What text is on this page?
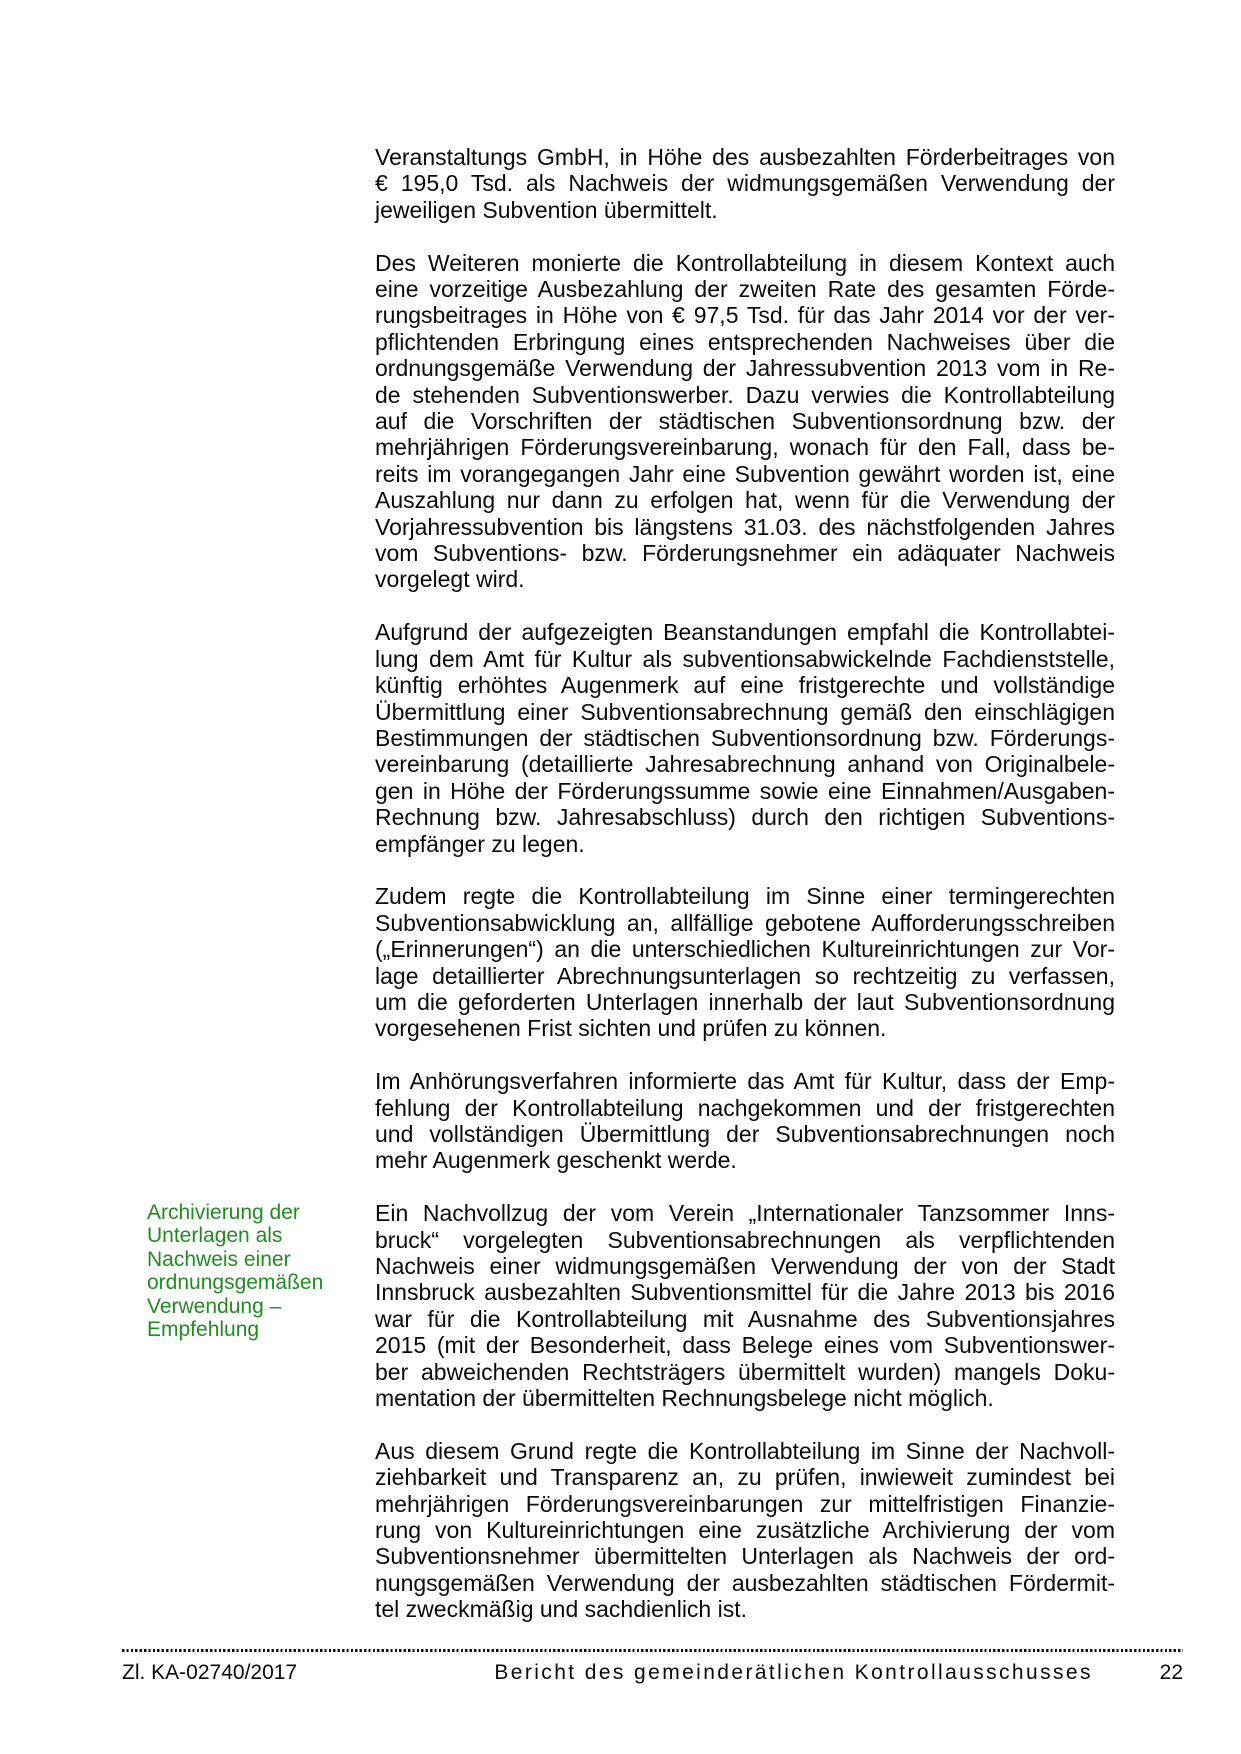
Archivierung der
Unterlagen als
Nachweis einer
ordnungsgemäßen
Verwendung –
Empfehlung
Veranstaltungs GmbH, in Höhe des ausbezahlten Förderbeitrages von
€ 195,0 Tsd. als Nachweis der widmungsgemäßen Verwendung der
jeweiligen Subvention übermittelt.
Des Weiteren monierte die Kontrollabteilung in diesem Kontext auch
eine vorzeitige Ausbezahlung der zweiten Rate des gesamten Förde-
rungsbeitrages in Höhe von € 97,5 Tsd. für das Jahr 2014 vor der ver-
pflichtenden Erbringung eines entsprechenden Nachweises über die
ordnungsgemäße Verwendung der Jahressubvention 2013 vom in Re-
de stehenden Subventionswerber. Dazu verwies die Kontrollabteilung
auf die Vorschriften der städtischen Subventionsordnung bzw. der
mehrjährigen Förderungsvereinbarung, wonach für den Fall, dass be-
reits im vorangegangen Jahr eine Subvention gewährt worden ist, eine
Auszahlung nur dann zu erfolgen hat, wenn für die Verwendung der
Vorjahressubvention bis längstens 31.03. des nächstfolgenden Jahres
vom Subventions- bzw. Förderungsnehmer ein adäquater Nachweis
vorgelegt wird.
Aufgrund der aufgezeigten Beanstandungen empfahl die Kontrollabtei-
lung dem Amt für Kultur als subventionsabwickelnde Fachdienststelle,
künftig erhöhtes Augenmerk auf eine fristgerechte und vollständige
Übermittlung einer Subventionsabrechnung gemäß den einschlägigen
Bestimmungen der städtischen Subventionsordnung bzw. Förderungs-
vereinbarung (detaillierte Jahresabrechnung anhand von Originalbele-
gen in Höhe der Förderungssumme sowie eine Einnahmen/Ausgaben-
Rechnung bzw. Jahresabschluss) durch den richtigen Subventions-
empfänger zu legen.
Zudem regte die Kontrollabteilung im Sinne einer termingerechten
Subventionsabwicklung an, allfällige gebotene Aufforderungsschreiben
(„Erinnerungen“) an die unterschiedlichen Kultureinrichtungen zur Vor-
lage detaillierter Abrechnungsunterlagen so rechtzeitig zu verfassen,
um die geforderten Unterlagen innerhalb der laut Subventionsordnung
vorgesehenen Frist sichten und prüfen zu können.
Im Anhörungsverfahren informierte das Amt für Kultur, dass der Emp-
fehlung der Kontrollabteilung nachgekommen und der fristgerechten
und vollständigen Übermittlung der Subventionsabrechnungen noch
mehr Augenmerk geschenkt werde.
Ein Nachvollzug der vom Verein „Internationaler Tanzsommer Inns-
bruck“ vorgelegten Subventionsabrechnungen als verpflichtenden
Nachweis einer widmungsgemäßen Verwendung der von der Stadt
Innsbruck ausbezahlten Subventionsmittel für die Jahre 2013 bis 2016
war für die Kontrollabteilung mit Ausnahme des Subventionsjahres
2015 (mit der Besonderheit, dass Belege eines vom Subventionswer-
ber abweichenden Rechtsträgers übermittelt wurden) mangels Doku-
mentation der übermittelten Rechnungsbelege nicht möglich.
Aus diesem Grund regte die Kontrollabteilung im Sinne der Nachvoll-
ziehbarkeit und Transparenz an, zu prüfen, inwieweit zumindest bei
mehrjährigen Förderungsvereinbarungen zur mittelfristigen Finanzie-
rung von Kultureinrichtungen eine zusätzliche Archivierung der vom
Subventionsnehmer übermittelten Unterlagen als Nachweis der ord-
nungsgemäßen Verwendung der ausbezahlten städtischen Fördermit-
tel zweckmäßig und sachdienlich ist.
Zl. KA-02740/2017	Bericht des gemeinderätlichen Kontrollausschusses	22
